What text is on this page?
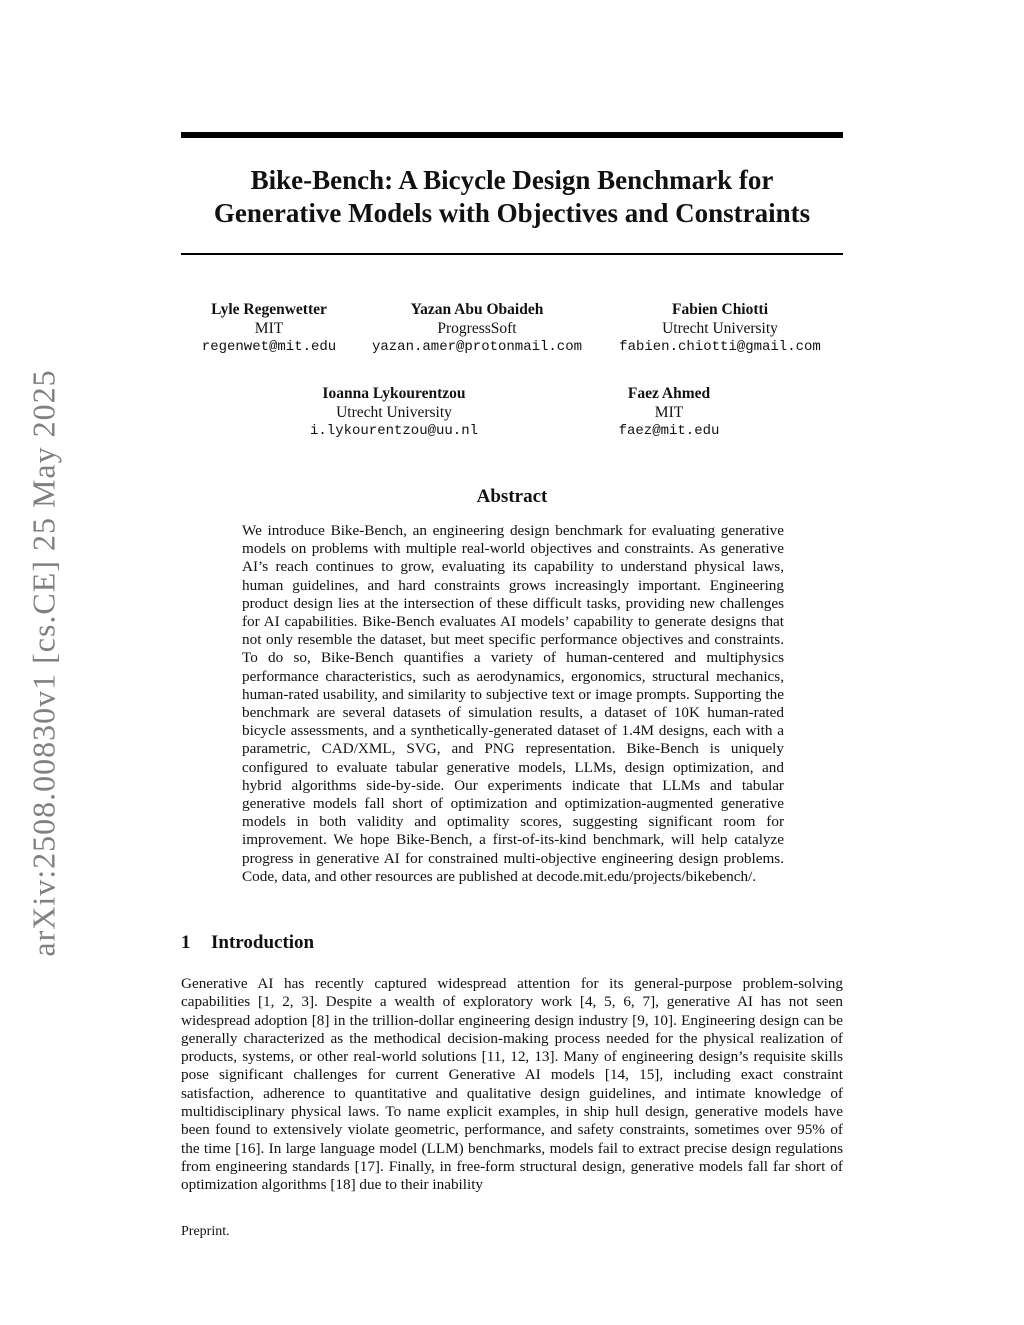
arXiv:2508.00830v1 [cs.CE] 25 May 2025
Bike-Bench: A Bicycle Design Benchmark for
Generative Models with Objectives and Constraints
Lyle Regenwetter
MIT
regenwet@mit.edu
Yazan Abu Obaideh
ProgressSoft
yazan.amer@protonmail.com
Fabien Chiotti
Utrecht University
fabien.chiotti@gmail.com
Ioanna Lykourentzou
Utrecht University
i.lykourentzou@uu.nl
Faez Ahmed
MIT
faez@mit.edu
Abstract
We introduce Bike-Bench, an engineering design benchmark for evaluating generative models on problems with multiple real-world objectives and constraints. As generative AI’s reach continues to grow, evaluating its capability to understand physical laws, human guidelines, and hard constraints grows increasingly important. Engineering product design lies at the intersection of these difficult tasks, providing new challenges for AI capabilities. Bike-Bench evaluates AI models’ capability to generate designs that not only resemble the dataset, but meet specific performance objectives and constraints. To do so, Bike-Bench quantifies a variety of human-centered and multiphysics performance characteristics, such as aerodynamics, ergonomics, structural mechanics, human-rated usability, and similarity to subjective text or image prompts. Supporting the benchmark are several datasets of simulation results, a dataset of 10K human-rated bicycle assessments, and a synthetically-generated dataset of 1.4M designs, each with a parametric, CAD/XML, SVG, and PNG representation. Bike-Bench is uniquely configured to evaluate tabular generative models, LLMs, design optimization, and hybrid algorithms side-by-side. Our experiments indicate that LLMs and tabular generative models fall short of optimization and optimization-augmented generative models in both validity and optimality scores, suggesting significant room for improvement. We hope Bike-Bench, a first-of-its-kind benchmark, will help catalyze progress in generative AI for constrained multi-objective engineering design problems. Code, data, and other resources are published at decode.mit.edu/projects/bikebench/.
1 Introduction
Generative AI has recently captured widespread attention for its general-purpose problem-solving capabilities [1, 2, 3]. Despite a wealth of exploratory work [4, 5, 6, 7], generative AI has not seen widespread adoption [8] in the trillion-dollar engineering design industry [9, 10]. Engineering design can be generally characterized as the methodical decision-making process needed for the physical realization of products, systems, or other real-world solutions [11, 12, 13]. Many of engineering design’s requisite skills pose significant challenges for current Generative AI models [14, 15], including exact constraint satisfaction, adherence to quantitative and qualitative design guidelines, and intimate knowledge of multidisciplinary physical laws. To name explicit examples, in ship hull design, generative models have been found to extensively violate geometric, performance, and safety constraints, sometimes over 95% of the time [16]. In large language model (LLM) benchmarks, models fail to extract precise design regulations from engineering standards [17]. Finally, in free-form structural design, generative models fall far short of optimization algorithms [18] due to their inability
Preprint.
